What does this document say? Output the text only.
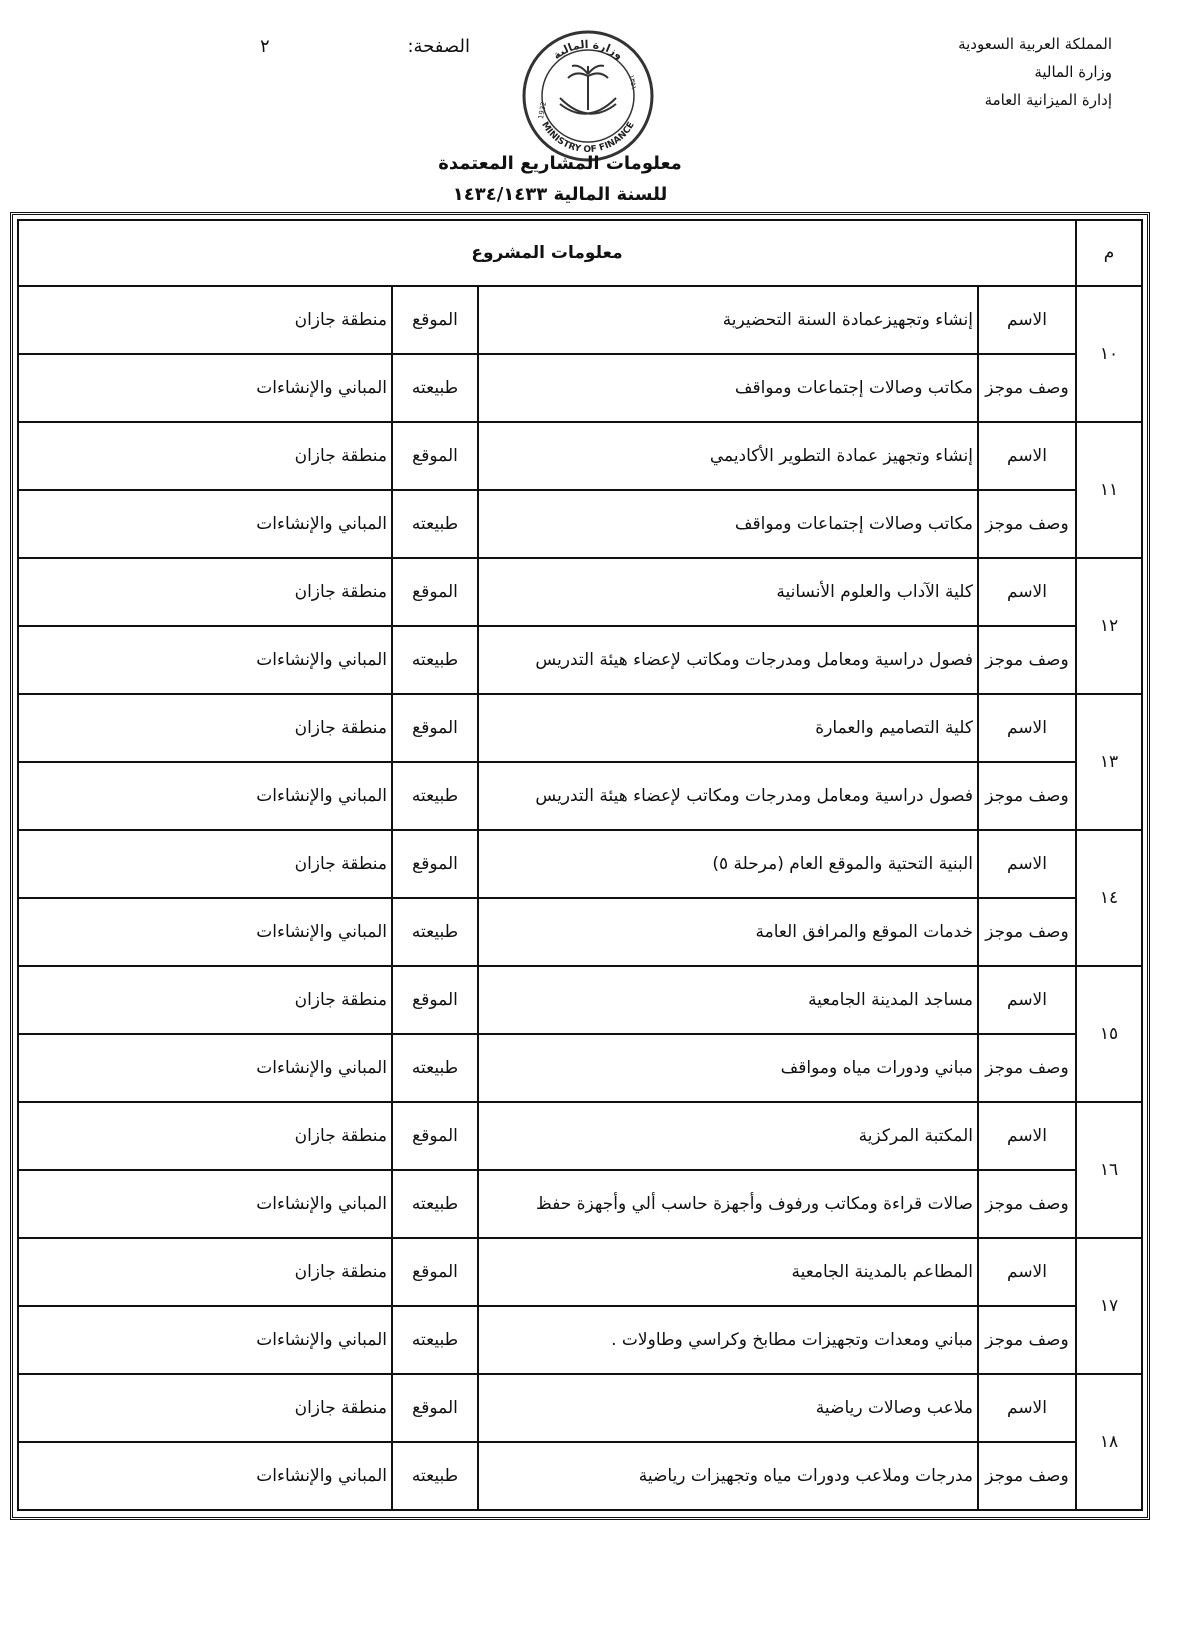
المملكة العربية السعودية
وزارة المالية
إدارة الميزانية العامة
الصفحة:
٢	وزارة المالية
MINISTRY OF FINANCE
1932
١٣٥١
معلومات المشاريع المعتمدة
للسنة المالية ١٤٣٤/١٤٣٣
م	معلومات المشروع			
١٠	الاسم	إنشاء وتجهيزعمادة السنة التحضيرية	الموقع	منطقة جازان
	وصف موجز	مكاتب وصالات إجتماعات ومواقف	طبيعته	المباني والإنشاءات
١١	الاسم	إنشاء وتجهيز عمادة التطوير الأكاديمي	الموقع	منطقة جازان
	وصف موجز	مكاتب وصالات إجتماعات ومواقف	طبيعته	المباني والإنشاءات
١٢	الاسم	كلية الآداب والعلوم الأنسانية	الموقع	منطقة جازان
	وصف موجز	فصول دراسية ومعامل ومدرجات ومكاتب لإعضاء هيئة التدريس	طبيعته	المباني والإنشاءات
١٣	الاسم	كلية التصاميم والعمارة	الموقع	منطقة جازان
	وصف موجز	فصول دراسية ومعامل ومدرجات ومكاتب لإعضاء هيئة التدريس	طبيعته	المباني والإنشاءات
١٤	الاسم	البنية التحتية والموقع العام (مرحلة ٥)	الموقع	منطقة جازان
	وصف موجز	خدمات الموقع والمرافق العامة	طبيعته	المباني والإنشاءات
١٥	الاسم	مساجد المدينة الجامعية	الموقع	منطقة جازان
	وصف موجز	مباني ودورات مياه ومواقف	طبيعته	المباني والإنشاءات
١٦	الاسم	المكتبة المركزية	الموقع	منطقة جازان
	وصف موجز	صالات قراءة ومكاتب ورفوف وأجهزة حاسب ألي وأجهزة حفظ	طبيعته	المباني والإنشاءات
١٧	الاسم	المطاعم بالمدينة الجامعية	الموقع	منطقة جازان
	وصف موجز	مباني ومعدات وتجهيزات مطابخ وكراسي وطاولات .	طبيعته	المباني والإنشاءات
١٨	الاسم	ملاعب وصالات رياضية	الموقع	منطقة جازان
	وصف موجز	مدرجات وملاعب ودورات مياه وتجهيزات رياضية	طبيعته	المباني والإنشاءات
